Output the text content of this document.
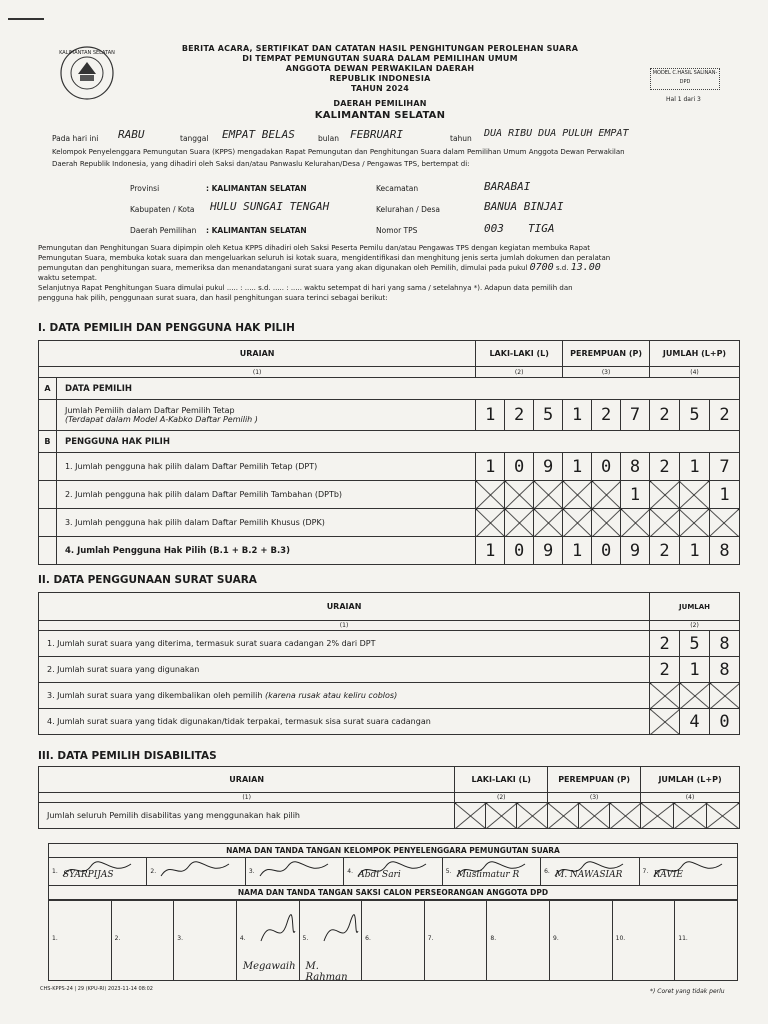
KALIMANTAN SELATAN	BERITA ACARA, SERTIFIKAT DAN CATATAN HASIL PENGHITUNGAN PEROLEHAN SUARA
DI TEMPAT PEMUNGUTAN SUARA DALAM PEMILIHAN UMUM
ANGGOTA DEWAN PERWAKILAN DAERAH
REPUBLIK INDONESIA
TAHUN 2024
DAERAH PEMILIHAN
KALIMANTAN SELATAN
MODEL C.HASIL SALINAN-DPD
Hal 1 dari 3
Pada hari ini RABU	tanggal EMPAT BELAS	bulan FEBRUARI	tahun DUA RIBU DUA PULUH EMPAT
Kelompok Penyelenggara Pemungutan Suara (KPPS) mengadakan Rapat Pemungutan dan Penghitungan Suara dalam Pemilihan Umum Anggota Dewan Perwakilan
Daerah Republik Indonesia, yang dihadiri oleh Saksi dan/atau Panwaslu Kelurahan/Desa / Pengawas TPS, bertempat di:
Provinsi	: KALIMANTAN SELATAN
Kabupaten / Kota HULU SUNGAI TENGAH
Daerah Pemilihan : KALIMANTAN SELATAN
Kecamatan	BARABAI
Kelurahan / Desa	BANUA BINJAI
Nomor TPS	003 TIGA
Pemungutan dan Penghitungan Suara dipimpin oleh Ketua KPPS dihadiri oleh Saksi Peserta Pemilu dan/atau Pengawas TPS dengan kegiatan membuka Rapat
Pemungutan Suara, membuka kotak suara dan mengeluarkan seluruh isi kotak suara, mengidentifikasi dan menghitung jenis serta jumlah dokumen dan peralatan
pemungutan dan penghitungan suara, memeriksa dan menandatangani surat suara yang akan digunakan oleh Pemilih, dimulai pada pukul 0700 s.d. 13.00
waktu setempat.
Selanjutnya Rapat Penghitungan Suara dimulai pukul ..... : ..... s.d. ..... : ..... waktu setempat di hari yang sama / setelahnya *). Adapun data pemilih dan
pengguna hak pilih, penggunaan surat suara, dan hasil penghitungan suara terinci sebagai berikut:
I. DATA PEMILIH DAN PENGGUNA HAK PILIH
URAIAN		LAKI-LAKI (L)			PEREMPUAN (P)			JUMLAH (L+P)		
(1)		(2)			(3)			(4)		
A	DATA PEMILIH									

	Jumlah Pemilih dalam Daftar Pemilih Tetap
(Terdapat dalam Model A-Kabko Daftar Pemilih )	1	2	5	1	2	7	2	5	2
B	PENGGUNA HAK PILIH									
	1. Jumlah pengguna hak pilih dalam Daftar Pemilih Tetap (DPT)	1	0	9	1	0	8	2	1	7
	2. Jumlah pengguna hak pilih dalam Daftar Pemilih Tambahan (DPTb)						1			1
	3. Jumlah pengguna hak pilih dalam Daftar Pemilih Khusus (DPK)									
	4. Jumlah Pengguna Hak Pilih (B.1 + B.2 + B.3)	1	0	9	1	0	9	2	1	8
II. DATA PENGGUNAAN SURAT SUARA
URAIAN	JUMLAH		
(1)	(2)		
1. Jumlah surat suara yang diterima, termasuk surat suara cadangan 2% dari DPT	2	5	8
2. Jumlah surat suara yang digunakan	2	1	8
3. Jumlah surat suara yang dikembalikan oleh pemilih (karena rusak atau keliru coblos)			
4. Jumlah surat suara yang tidak digunakan/tidak terpakai, termasuk sisa surat suara cadangan		4	0
III. DATA PEMILIH DISABILITAS
URAIAN	LAKI-LAKI (L)			PEREMPUAN (P)			JUMLAH (L+P)		
(1)	(2)			(3)			(4)		
Jumlah seluruh Pemilih disabilitas yang menggunakan hak pilih									
NAMA DAN TANDA TANGAN KELOMPOK PENYELENGGARA PEMUNGUTAN SUARA

1. SYARPIJAS	2.	3.	4. Abdi Sari	5. Muslimatur R	6. M. NAWASIAR	7. RAVIE

NAMA DAN TANDA TANGAN SAKSI CALON PERSEORANGAN ANGGOTA DPD
1.	2.	3.	4.
Megawaih

5.
M. Rahman

6.	7.	8.	9.	10.	11.
CHS-KPPS-24 | 29 (KPU-RI) 2023-11-14 08:02	*) Coret yang tidak perlu
